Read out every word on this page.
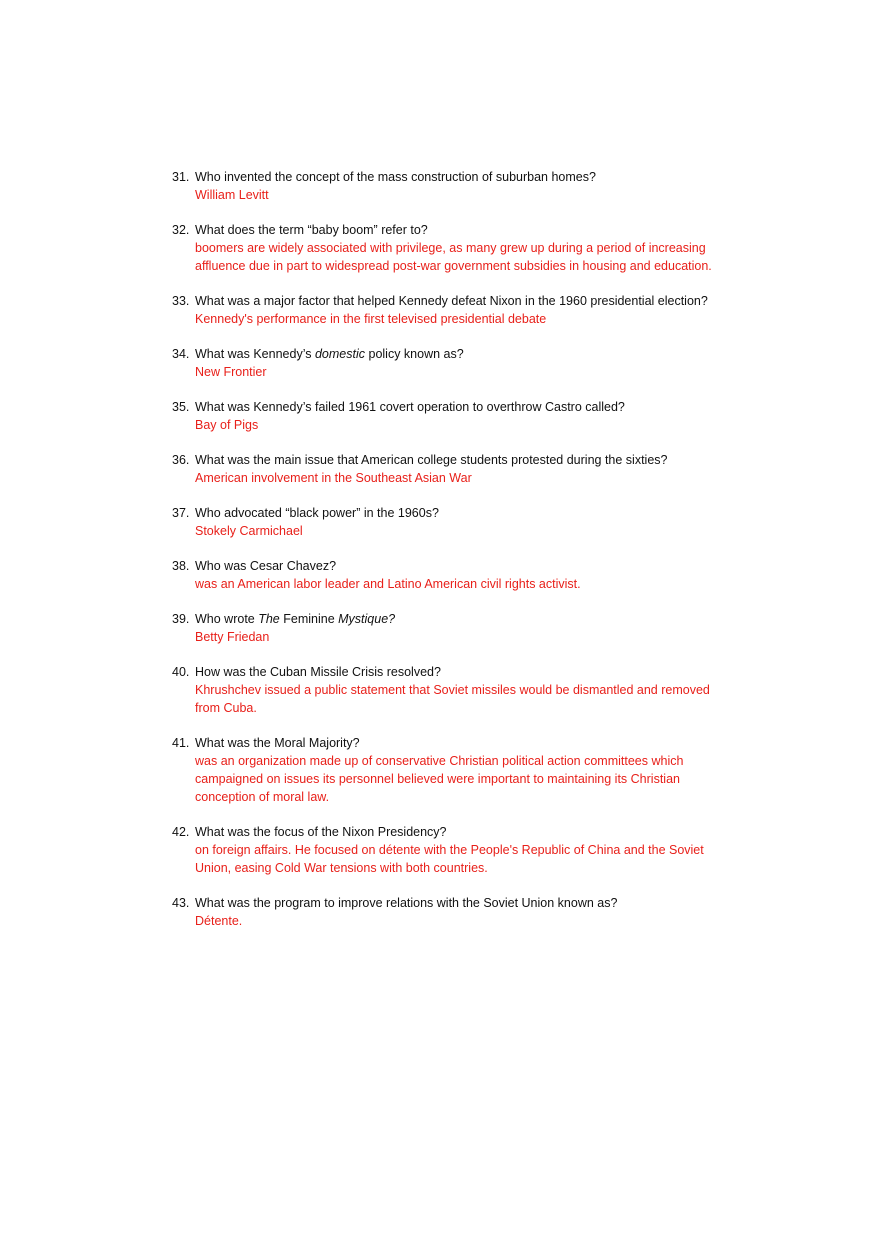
31. Who invented the concept of the mass construction of suburban homes?
William Levitt
32. What does the term “baby boom” refer to?
boomers are widely associated with privilege, as many grew up during a period of increasing affluence due in part to widespread post-war government subsidies in housing and education.
33. What was a major factor that helped Kennedy defeat Nixon in the 1960 presidential election?
Kennedy's performance in the first televised presidential debate
34. What was Kennedy’s domestic policy known as?
New Frontier
35. What was Kennedy’s failed 1961 covert operation to overthrow Castro called?
Bay of Pigs
36. What was the main issue that American college students protested during the sixties?
American involvement in the Southeast Asian War
37. Who advocated “black power” in the 1960s?
Stokely Carmichael
38. Who was Cesar Chavez?
was an American labor leader and Latino American civil rights activist.
39. Who wrote The Feminine Mystique?
Betty Friedan
40. How was the Cuban Missile Crisis resolved?
Khrushchev issued a public statement that Soviet missiles would be dismantled and removed from Cuba.
41. What was the Moral Majority?
was an organization made up of conservative Christian political action committees which campaigned on issues its personnel believed were important to maintaining its Christian conception of moral law.
42. What was the focus of the Nixon Presidency?
on foreign affairs. He focused on détente with the People's Republic of China and the Soviet Union, easing Cold War tensions with both countries.
43. What was the program to improve relations with the Soviet Union known as?
Détente.
